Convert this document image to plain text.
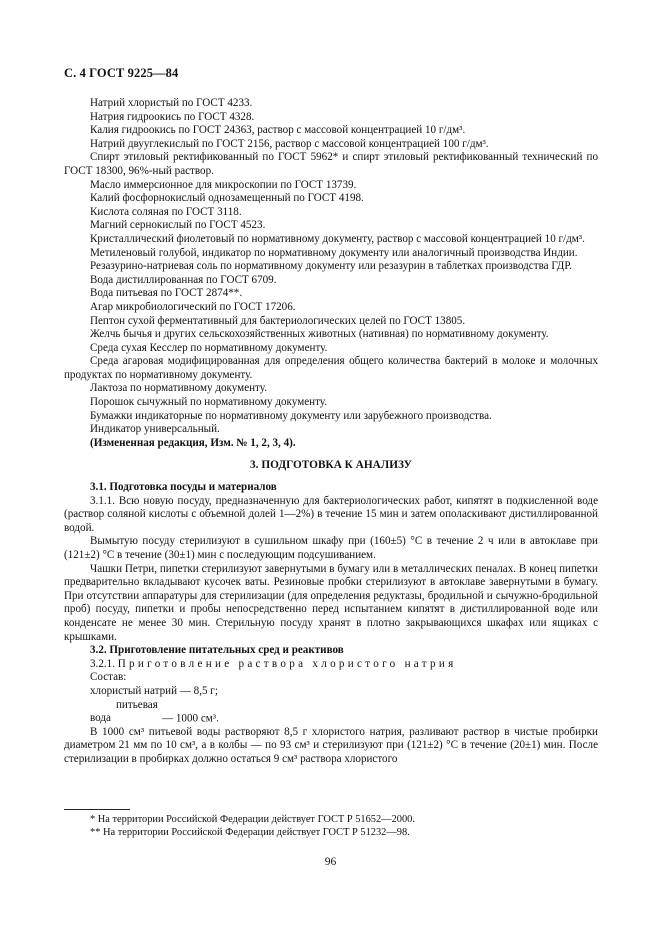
С. 4 ГОСТ 9225—84

Натрий хлористый по ГОСТ 4233.

Натрия гидроокись по ГОСТ 4328.

Калия гидроокись по ГОСТ 24363, раствор с массовой концентрацией 10 г/дм³.

Натрий двууглекислый по ГОСТ 2156, раствор с массовой концентрацией 100 г/дм³.

Спирт этиловый ректификованный по ГОСТ 5962* и спирт этиловый ректификованный технический по ГОСТ 18300, 96%-ный раствор.

Масло иммерсионное для микроскопии по ГОСТ 13739.

Калий фосфорнокислый однозамещенный по ГОСТ 4198.

Кислота соляная по ГОСТ 3118.

Магний сернокислый по ГОСТ 4523.

Кристаллический фиолетовый по нормативному документу, раствор с массовой концентрацией 10 г/дм³.

Метиленовый голубой, индикатор по нормативному документу или аналогичный производства Индии.

Резазурино-натриевая соль по нормативному документу или резазурин в таблетках производства ГДР.

Вода дистиллированная по ГОСТ 6709.

Вода питьевая по ГОСТ 2874**.

Агар микробиологический по ГОСТ 17206.

Пептон сухой ферментативный для бактериологических целей по ГОСТ 13805.

Желчь бычья и других сельскохозяйственных животных (нативная) по нормативному документу.

Среда сухая Кесслер по нормативному документу.

Среда агаровая модифицированная для определения общего количества бактерий в молоке и молочных продуктах по нормативному документу.

Лактоза по нормативному документу.

Порошок сычужный по нормативному документу.

Бумажки индикаторные по нормативному документу или зарубежного производства.

Индикатор универсальный.

(Измененная редакция, Изм. № 1, 2, 3, 4).

3. ПОДГОТОВКА К АНАЛИЗУ

3.1. Подготовка посуды и материалов

3.1.1. Всю новую посуду, предназначенную для бактериологических работ, кипятят в подкисленной воде (раствор соляной кислоты с объемной долей 1—2%) в течение 15 мин и затем ополаскивают дистиллированной водой.

Вымытую посуду стерилизуют в сушильном шкафу при (160±5) °С в течение 2 ч или в автоклаве при (121±2) °С в течение (30±1) мин с последующим подсушиванием.

Чашки Петри, пипетки стерилизуют завернутыми в бумагу или в металлических пеналах. В конец пипетки предварительно вкладывают кусочек ваты. Резиновые пробки стерилизуют в автоклаве завернутыми в бумагу. При отсутствии аппаратуры для стерилизации (для определения редуктазы, бродильной и сычужно-бродильной проб) посуду, пипетки и пробы непосредственно перед испытанием кипятят в дистиллированной воде или конденсате не менее 30 мин. Стерильную посуду хранят в плотно закрывающихся шкафах или ящиках с крышками.

3.2. Приготовление питательных сред и реактивов

3.2.1. Приготовление раствора хлористого натрия

Состав:

хлористый натрий — 8,5 г;

питьевая вода	— 1000 см³.

В 1000 см³ питьевой воды растворяют 8,5 г хлористого натрия, разливают раствор в чистые пробирки диаметром 21 мм по 10 см³, а в колбы — по 93 см³ и стерилизуют при (121±2) °С в течение (20±1) мин. После стерилизации в пробирках должно остаться 9 см³ раствора хлористого

* На территории Российской Федерации действует ГОСТ Р 51652—2000.

** На территории Российской Федерации действует ГОСТ Р 51232—98.

96
